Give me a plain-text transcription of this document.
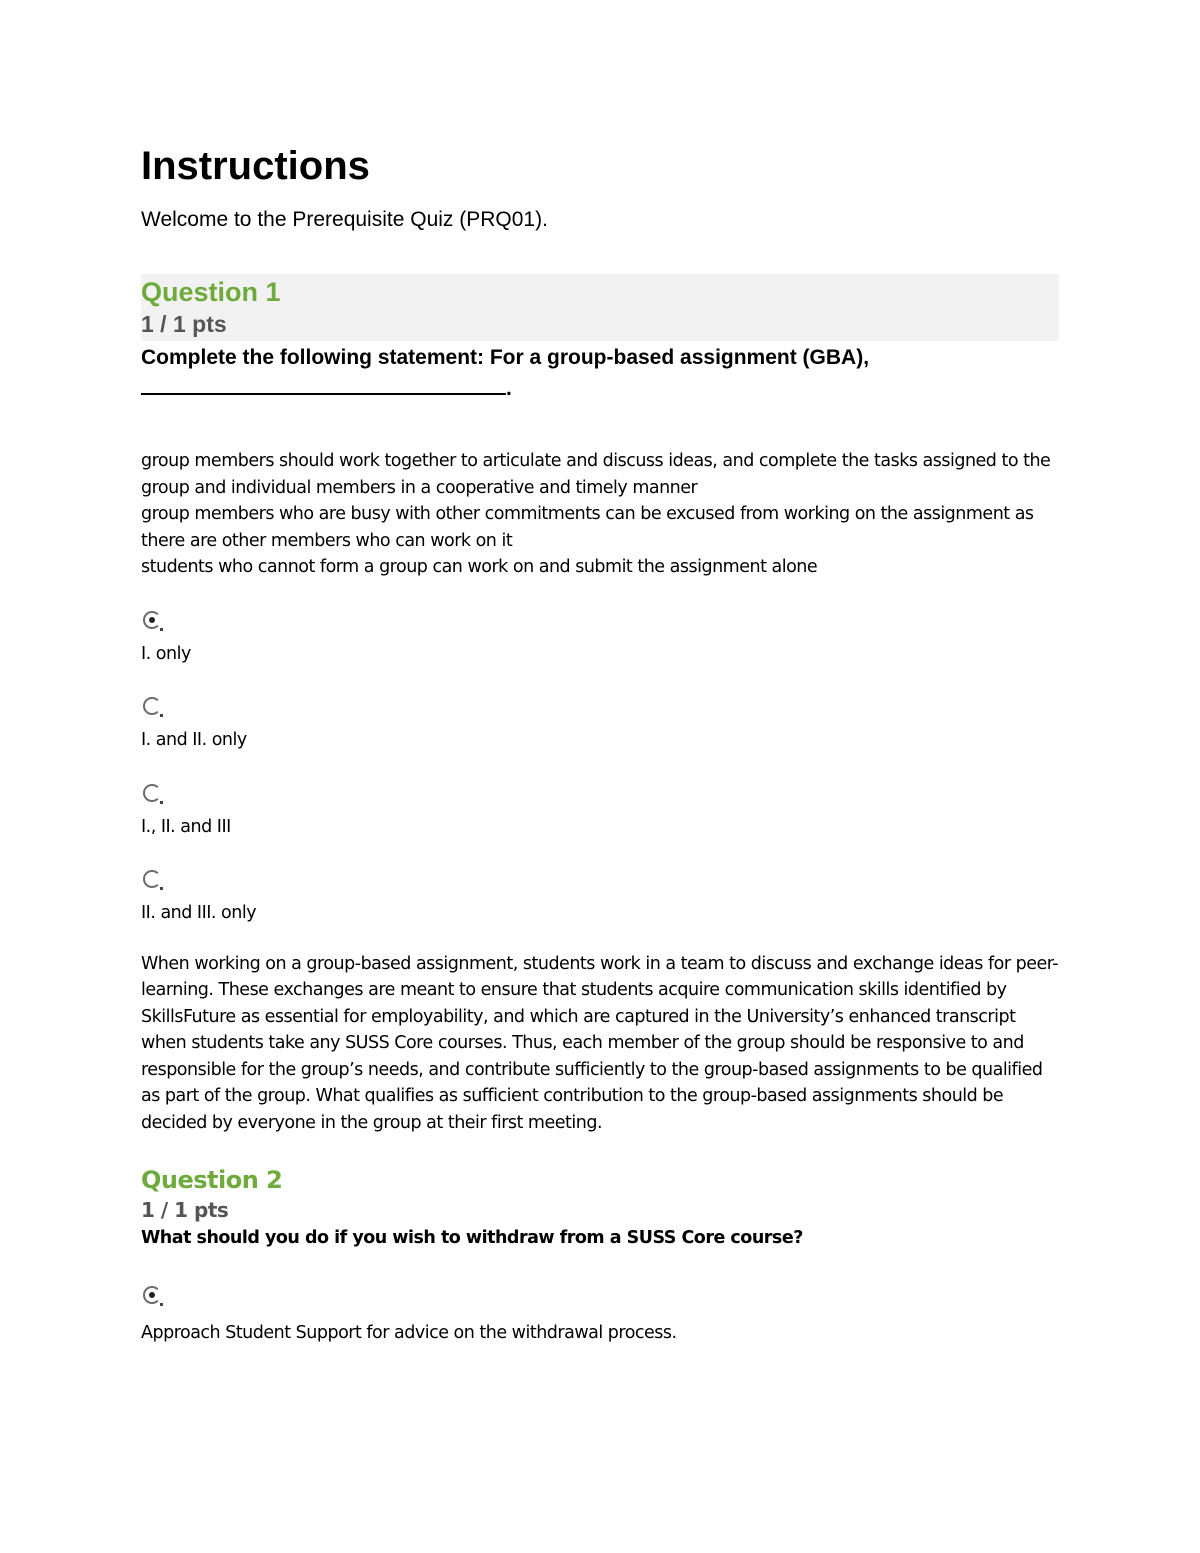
Instructions
Welcome to the Prerequisite Quiz (PRQ01).
Question 1
1 / 1 pts
Complete the following statement: For a group-based assignment (GBA),
.
group members should work together to articulate and discuss ideas, and complete the tasks assigned to the group and individual members in a cooperative and timely manner
group members who are busy with other commitments can be excused from working on the assignment as there are other members who can work on it
students who cannot form a group can work on and submit the assignment alone
I. only
I. and II. only
I., II. and III
II. and III. only
When working on a group-based assignment, students work in a team to discuss and exchange ideas for peer-learning. These exchanges are meant to ensure that students acquire communication skills identified by SkillsFuture as essential for employability, and which are captured in the University’s enhanced transcript when students take any SUSS Core courses. Thus, each member of the group should be responsive to and responsible for the group’s needs, and contribute sufficiently to the group-based assignments to be qualified as part of the group. What qualifies as sufficient contribution to the group-based assignments should be decided by everyone in the group at their first meeting.
Question 2
1 / 1 pts
What should you do if you wish to withdraw from a SUSS Core course?
Approach Student Support for advice on the withdrawal process.
